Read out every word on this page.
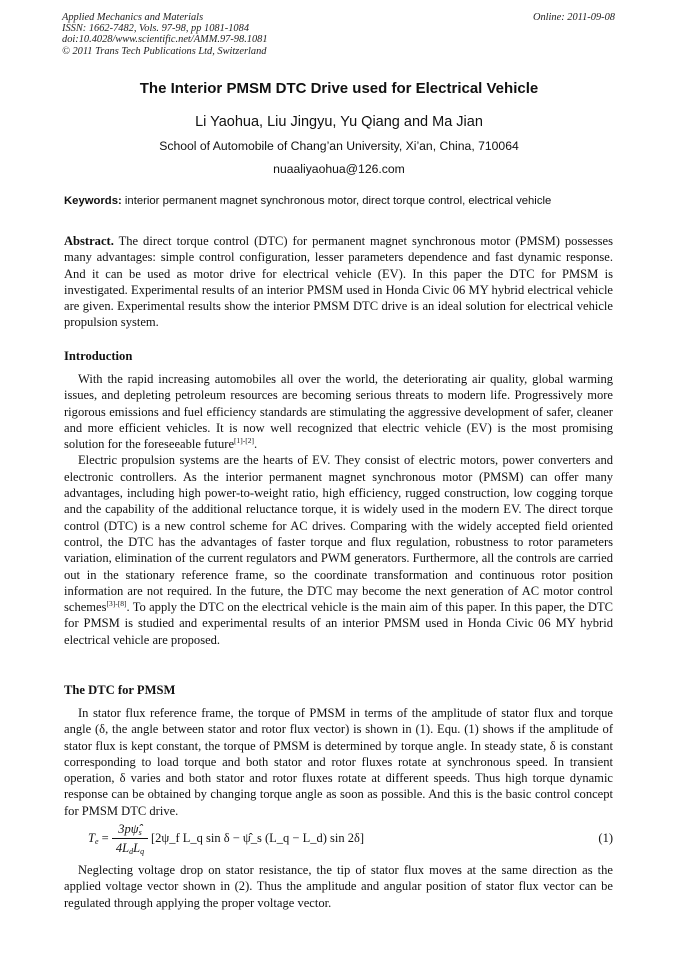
Applied Mechanics and Materials
ISSN: 1662-7482, Vols. 97-98, pp 1081-1084
doi:10.4028/www.scientific.net/AMM.97-98.1081
© 2011 Trans Tech Publications Ltd, Switzerland
Online: 2011-09-08
The Interior PMSM DTC Drive used for Electrical Vehicle
Li Yaohua, Liu Jingyu, Yu Qiang and Ma Jian
School of Automobile of Chang’an University, Xi’an, China, 710064
nuaaliyaohua@126.com
Keywords: interior permanent magnet synchronous motor, direct torque control, electrical vehicle

Abstract. The direct torque control (DTC) for permanent magnet synchronous motor (PMSM) possesses many advantages: simple control configuration, lesser parameters dependence and fast dynamic response. And it can be used as motor drive for electrical vehicle (EV). In this paper the DTC for PMSM is investigated. Experimental results of an interior PMSM used in Honda Civic 06 MY hybrid electrical vehicle are given. Experimental results show the interior PMSM DTC drive is an ideal solution for electrical vehicle propulsion system.

Introduction

With the rapid increasing automobiles all over the world, the deteriorating air quality, global warming issues, and depleting petroleum resources are becoming serious threats to modern life. Progressively more rigorous emissions and fuel efficiency standards are stimulating the aggressive development of safer, cleaner and more efficient vehicles. It is now well recognized that electric vehicle (EV) is the most promising solution for the foreseeable future[1]-[2].

Electric propulsion systems are the hearts of EV. They consist of electric motors, power converters and electronic controllers. As the interior permanent magnet synchronous motor (PMSM) can offer many advantages, including high power-to-weight ratio, high efficiency, rugged construction, low cogging torque and the capability of the additional reluctance torque, it is widely used in the modern EV. The direct torque control (DTC) is a new control scheme for AC drives. Comparing with the widely accepted field oriented control, the DTC has the advantages of faster torque and flux regulation, robustness to rotor parameters variation, elimination of the current regulators and PWM generators. Furthermore, all the controls are carried out in the stationary reference frame, so the coordinate transformation and continuous rotor position information are not required. In the future, the DTC may become the next generation of AC motor control schemes[3]-[8]. To apply the DTC on the electrical vehicle is the main aim of this paper. In this paper, the DTC for PMSM is studied and experimental results of an interior PMSM used in Honda Civic 06 MY hybrid electrical vehicle are proposed.

The DTC for PMSM

In stator flux reference frame, the torque of PMSM in terms of the amplitude of stator flux and torque angle (δ, the angle between stator and rotor flux vector) is shown in (1). Equ. (1) shows if the amplitude of stator flux is kept constant, the torque of PMSM is determined by torque angle. In steady state, δ is constant corresponding to load torque and both stator and rotor fluxes rotate at synchronous speed. In transient operation, δ varies and both stator and rotor fluxes rotate at different speeds. Thus high torque dynamic response can be obtained by changing torque angle as soon as possible. And this is the basic control concept for PMSM DTC drive.

$T_e$ =
$3p\psî_s$
$4L_dL_q$
[2ψ_f L_q sin δ − ψ̂_s (L_q − L_d) sin 2δ]	(1)

Neglecting voltage drop on stator resistance, the tip of stator flux moves at the same direction as the applied voltage vector shown in (2). Thus the amplitude and angular position of stator flux vector can be regulated through applying the proper voltage vector.
